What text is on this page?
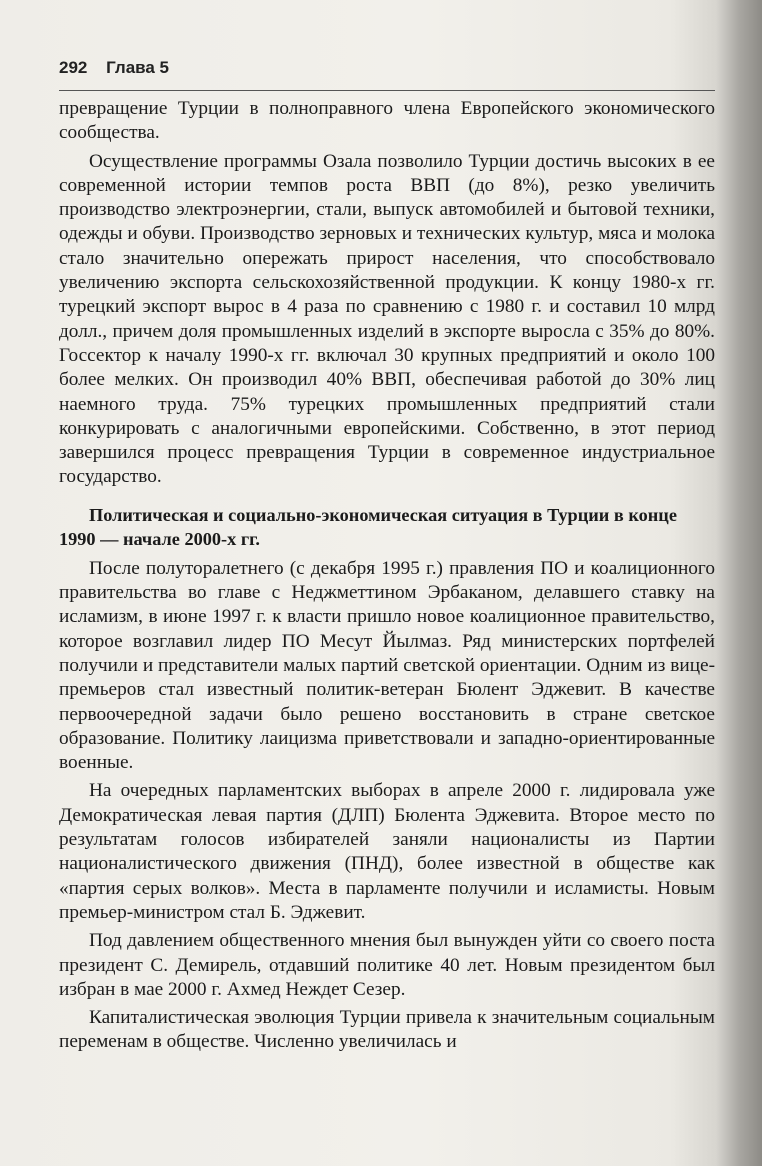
292 Глава 5

превращение Турции в полноправного члена Европейского экономического сообщества.

Осуществление программы Озала позволило Турции достичь высоких в ее современной истории темпов роста ВВП (до 8%), резко увеличить производство электроэнергии, стали, выпуск автомобилей и бытовой техники, одежды и обуви. Производство зерновых и технических культур, мяса и молока стало значительно опережать прирост населения, что способствовало увеличению экспорта сельскохозяйственной продукции. К концу 1980-х гг. турецкий экспорт вырос в 4 раза по сравнению с 1980 г. и составил 10 млрд долл., причем доля промышленных изделий в экспорте выросла с 35% до 80%. Госсектор к началу 1990-х гг. включал 30 крупных предприятий и около 100 более мелких. Он производил 40% ВВП, обеспечивая работой до 30% лиц наемного труда. 75% турецких промышленных предприятий стали конкурировать с аналогичными европейскими. Собственно, в этот период завершился процесс превращения Турции в современное индустриальное государство.

Политическая и социально-экономическая ситуация в Турции в конце 1990 — начале 2000-х гг.

После полуторалетнего (с декабря 1995 г.) правления ПО и коалиционного правительства во главе с Неджметтином Эрбаканом, делавшего ставку на исламизм, в июне 1997 г. к власти пришло новое коалиционное правительство, которое возглавил лидер ПО Месут Йылмаз. Ряд министерских портфелей получили и представители малых партий светской ориентации. Одним из вице-премьеров стал известный политик-ветеран Бюлент Эджевит. В качестве первоочередной задачи было решено восстановить в стране светское образование. Политику лаицизма приветствовали и западно-ориентированные военные.

На очередных парламентских выборах в апреле 2000 г. лидировала уже Демократическая левая партия (ДЛП) Бюлента Эджевита. Второе место по результатам голосов избирателей заняли националисты из Партии националистического движения (ПНД), более известной в обществе как «партия серых волков». Места в парламенте получили и исламисты. Новым премьер-министром стал Б. Эджевит.

Под давлением общественного мнения был вынужден уйти со своего поста президент С. Демирель, отдавший политике 40 лет. Новым президентом был избран в мае 2000 г. Ахмед Неждет Сезер.

Капиталистическая эволюция Турции привела к значительным социальным переменам в обществе. Численно увеличилась и
